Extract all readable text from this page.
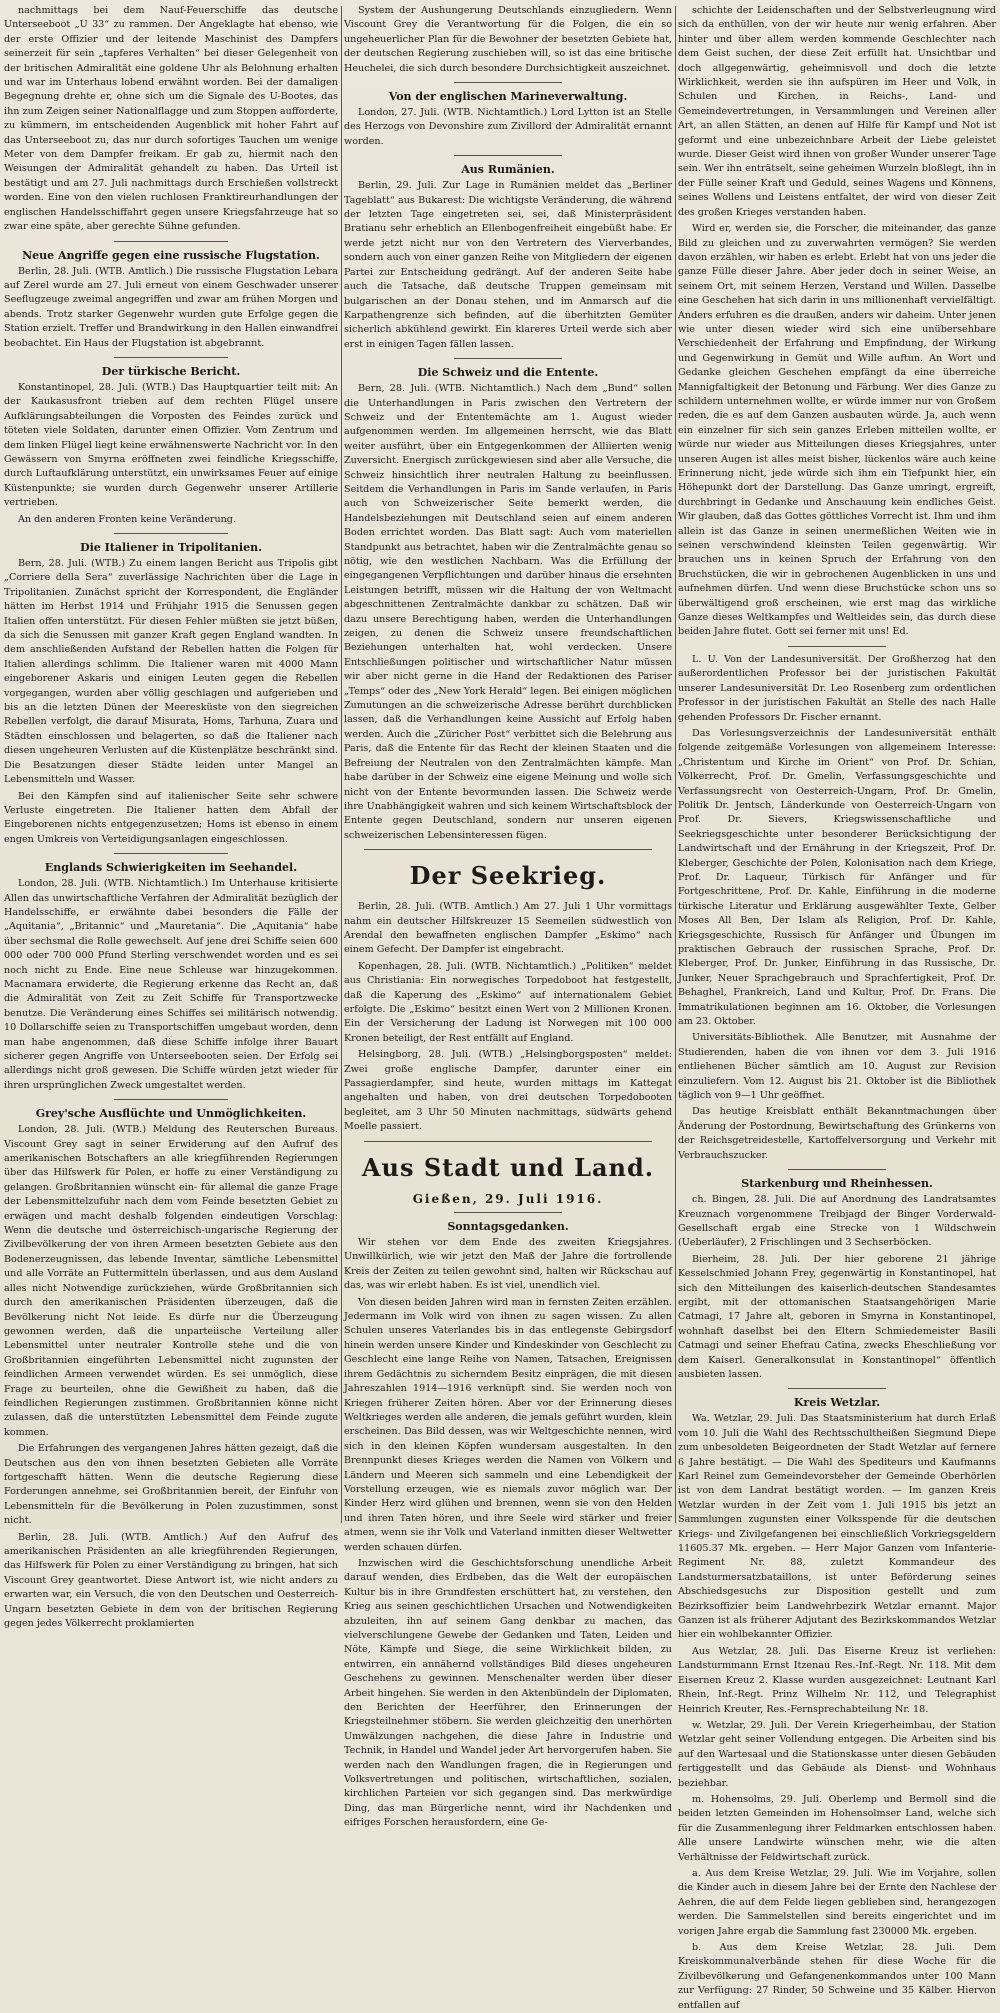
nachmittags bei dem Nauf-Feuerschiffe das deutsche Unterseeboot „U 33“ zu rammen. Der Angeklagte hat ebenso, wie der erste Offizier und der leitende Maschinist des Dampfers seinerzeit für sein „tapferes Verhalten“ bei dieser Gelegenheit von der britischen Admiralität eine goldene Uhr als Belohnung erhalten und war im Unterhaus lobend erwähnt worden. Bei der damaligen Begegnung drehte er, ohne sich um die Signale des U-Bootes, das ihn zum Zeigen seiner Nationalflagge und zum Stoppen aufforderte, zu kümmern, im entscheidenden Augenblick mit hoher Fahrt auf das Unterseeboot zu, das nur durch sofortiges Tauchen um wenige Meter von dem Dampfer freikam. Er gab zu, hiermit nach den Weisungen der Admiralität gehandelt zu haben. Das Urteil ist bestätigt und am 27. Juli nachmittags durch Erschießen vollstreckt worden. Eine von den vielen ruchlosen Franktireurhandlungen der englischen Handelsschiffahrt gegen unsere Kriegsfahrzeuge hat so zwar eine späte, aber gerechte Sühne gefunden.

Neue Angriffe gegen eine russische Flugstation.

Berlin, 28. Juli. (WTB. Amtlich.) Die russische Flugstation Lebara auf Zerel wurde am 27. Juli erneut von einem Geschwader unserer Seeflugzeuge zweimal angegriffen und zwar am frühen Morgen und abends. Trotz starker Gegenwehr wurden gute Erfolge gegen die Station erzielt. Treffer und Brandwirkung in den Hallen einwandfrei beobachtet. Ein Haus der Flugstation ist abgebrannt.

Der türkische Bericht.

Konstantinopel, 28. Juli. (WTB.) Das Hauptquartier teilt mit: An der Kaukasusfront trieben auf dem rechten Flügel unsere Aufklärungsabteilungen die Vorposten des Feindes zurück und töteten viele Soldaten, darunter einen Offizier. Vom Zentrum und dem linken Flügel liegt keine erwähnenswerte Nachricht vor. In den Gewässern von Smyrna eröffneten zwei feindliche Kriegsschiffe, durch Luftaufklärung unterstützt, ein unwirksames Feuer auf einige Küstenpunkte; sie wurden durch Gegenwehr unserer Artillerie vertrieben.

An den anderen Fronten keine Veränderung.

Die Italiener in Tripolitanien.

Bern, 28. Juli. (WTB.) Zu einem langen Bericht aus Tripolis gibt „Corriere della Sera“ zuverlässige Nachrichten über die Lage in Tripolitanien. Zunächst spricht der Korrespondent, die Engländer hätten im Herbst 1914 und Frühjahr 1915 die Senussen gegen Italien offen unterstützt. Für diesen Fehler müßten sie jetzt büßen, da sich die Senussen mit ganzer Kraft gegen England wandten. In dem anschließenden Aufstand der Rebellen hatten die Folgen für Italien allerdings schlimm. Die Italiener waren mit 4000 Mann eingeborener Askaris und einigen Leuten gegen die Rebellen vorgegangen, wurden aber völlig geschlagen und aufgerieben und bis an die letzten Dünen der Meeresküste von den siegreichen Rebellen verfolgt, die darauf Misurata, Homs, Tarhuna, Zuara und Städten einschlossen und belagerten, so daß die Italiener nach diesen ungeheuren Verlusten auf die Küstenplätze beschränkt sind. Die Besatzungen dieser Städte leiden unter Mangel an Lebensmitteln und Wasser.

Bei den Kämpfen sind auf italienischer Seite sehr schwere Verluste eingetreten. Die Italiener hatten dem Abfall der Eingeborenen nichts entgegenzusetzen; Homs ist ebenso in einem engen Umkreis von Verteidigungsanlagen eingeschlossen.

Englands Schwierigkeiten im Seehandel.

London, 28. Juli. (WTB. Nichtamtlich.) Im Unterhause kritisierte Allen das unwirtschaftliche Verfahren der Admiralität bezüglich der Handelsschiffe, er erwähnte dabei besonders die Fälle der „Aquitania“, „Britannic“ und „Mauretania“. Die „Aquitania“ habe über sechsmal die Rolle gewechselt. Auf jene drei Schiffe seien 600 000 oder 700 000 Pfund Sterling verschwendet worden und es sei noch nicht zu Ende. Eine neue Schleuse war hinzugekommen. Macnamara erwiderte, die Regierung erkenne das Recht an, daß die Admiralität von Zeit zu Zeit Schiffe für Transportzwecke benutze. Die Veränderung eines Schiffes sei militärisch notwendig. 10 Dollarschiffe seien zu Transportschiffen umgebaut worden, denn man habe angenommen, daß diese Schiffe infolge ihrer Bauart sicherer gegen Angriffe von Unterseebooten seien. Der Erfolg sei allerdings nicht groß gewesen. Die Schiffe würden jetzt wieder für ihren ursprünglichen Zweck umgestaltet werden.

Grey'sche Ausflüchte und Unmöglichkeiten.

London, 28. Juli. (WTB.) Meldung des Reuterschen Bureaus. Viscount Grey sagt in seiner Erwiderung auf den Aufruf des amerikanischen Botschafters an alle kriegführenden Regierungen über das Hilfswerk für Polen, er hoffe zu einer Verständigung zu gelangen. Großbritannien wünscht ein- für allemal die ganze Frage der Lebensmittelzufuhr nach dem vom Feinde besetzten Gebiet zu erwägen und macht deshalb folgenden eindeutigen Vorschlag: Wenn die deutsche und österreichisch-ungarische Regierung der Zivilbevölkerung der von ihren Armeen besetzten Gebiete aus den Bodenerzeugnissen, das lebende Inventar, sämtliche Lebensmittel und alle Vorräte an Futtermitteln überlassen, und aus dem Ausland alles nicht Notwendige zurückziehen, würde Großbritannien sich durch den amerikanischen Präsidenten überzeugen, daß die Bevölkerung nicht Not leide. Es dürfe nur die Überzeugung gewonnen werden, daß die unparteiische Verteilung aller Lebensmittel unter neutraler Kontrolle stehe und die von Großbritannien eingeführten Lebensmittel nicht zugunsten der feindlichen Armeen verwendet würden. Es sei unmöglich, diese Frage zu beurteilen, ohne die Gewißheit zu haben, daß die feindlichen Regierungen zustimmen. Großbritannien könne nicht zulassen, daß die unterstützten Lebensmittel dem Feinde zugute kommen.

Die Erfahrungen des vergangenen Jahres hätten gezeigt, daß die Deutschen aus den von ihnen besetzten Gebieten alle Vorräte fortgeschafft hätten. Wenn die deutsche Regierung diese Forderungen annehme, sei Großbritannien bereit, der Einfuhr von Lebensmitteln für die Bevölkerung in Polen zuzustimmen, sonst nicht.

Berlin, 28. Juli. (WTB. Amtlich.) Auf den Aufruf des amerikanischen Präsidenten an alle kriegführenden Regierungen, das Hilfswerk für Polen zu einer Verständigung zu bringen, hat sich Viscount Grey geantwortet. Diese Antwort ist, wie nicht anders zu erwarten war, ein Versuch, die von den Deutschen und Oesterreich-Ungarn besetzten Gebiete in dem von der britischen Regierung gegen jedes Völkerrecht proklamierten

System der Aushungerung Deutschlands einzugliedern. Wenn Viscount Grey die Verantwortung für die Folgen, die ein so ungeheuerlicher Plan für die Bewohner der besetzten Gebiete hat, der deutschen Regierung zuschieben will, so ist das eine britische Heuchelei, die sich durch besondere Durchsichtigkeit auszeichnet.

Von der englischen Marineverwaltung.

London, 27. Juli. (WTB. Nichtamtlich.) Lord Lytton ist an Stelle des Herzogs von Devonshire zum Zivillord der Admiralität ernannt worden.

Aus Rumänien.

Berlin, 29. Juli. Zur Lage in Rumänien meldet das „Berliner Tageblatt“ aus Bukarest: Die wichtigste Veränderung, die während der letzten Tage eingetreten sei, sei, daß Ministerpräsident Bratianu sehr erheblich an Ellenbogenfreiheit eingebüßt habe. Er werde jetzt nicht nur von den Vertretern des Vierverbandes, sondern auch von einer ganzen Reihe von Mitgliedern der eigenen Partei zur Entscheidung gedrängt. Auf der anderen Seite habe auch die Tatsache, daß deutsche Truppen gemeinsam mit bulgarischen an der Donau stehen, und im Anmarsch auf die Karpathengrenze sich befinden, auf die überhitzten Gemüter sicherlich abkühlend gewirkt. Ein klareres Urteil werde sich aber erst in einigen Tagen fällen lassen.

Die Schweiz und die Entente.

Bern, 28. Juli. (WTB. Nichtamtlich.) Nach dem „Bund“ sollen die Unterhandlungen in Paris zwischen den Vertretern der Schweiz und der Ententemächte am 1. August wieder aufgenommen werden. Im allgemeinen herrscht, wie das Blatt weiter ausführt, über ein Entgegenkommen der Alliierten wenig Zuversicht. Energisch zurückgewiesen sind aber alle Versuche, die Schweiz hinsichtlich ihrer neutralen Haltung zu beeinflussen. Seitdem die Verhandlungen in Paris im Sande verlaufen, in Paris auch von Schweizerischer Seite bemerkt werden, die Handelsbeziehungen mit Deutschland seien auf einem anderen Boden errichtet worden. Das Blatt sagt: Auch vom materiellen Standpunkt aus betrachtet, haben wir die Zentralmächte genau so nötig, wie den westlichen Nachbarn. Was die Erfüllung der eingegangenen Verpflichtungen und darüber hinaus die ersehnten Leistungen betrifft, müssen wir die Haltung der von Weltmacht abgeschnittenen Zentralmächte dankbar zu schätzen. Daß wir dazu unsere Berechtigung haben, werden die Unterhandlungen zeigen, zu denen die Schweiz unsere freundschaftlichen Beziehungen unterhalten hat, wohl verdecken. Unsere Entschließungen politischer und wirtschaftlicher Natur müssen wir aber nicht gerne in die Hand der Redaktionen des Pariser „Temps“ oder des „New York Herald“ legen. Bei einigen möglichen Zumutungen an die schweizerische Adresse berührt durchblicken lassen, daß die Verhandlungen keine Aussicht auf Erfolg haben werden. Auch die „Züricher Post“ verbittet sich die Belehrung aus Paris, daß die Entente für das Recht der kleinen Staaten und die Befreiung der Neutralen von den Zentralmächten kämpfe. Man habe darüber in der Schweiz eine eigene Meinung und wolle sich nicht von der Entente bevormunden lassen. Die Schweiz werde ihre Unabhängigkeit wahren und sich keinem Wirtschaftsblock der Entente gegen Deutschland, sondern nur unseren eigenen schweizerischen Lebensinteressen fügen.

Der Seekrieg.

Berlin, 28. Juli. (WTB. Amtlich.) Am 27. Juli 1 Uhr vormittags nahm ein deutscher Hilfskreuzer 15 Seemeilen südwestlich von Arendal den bewaffneten englischen Dampfer „Eskimo“ nach einem Gefecht. Der Dampfer ist eingebracht.

Kopenhagen, 28. Juli. (WTB. Nichtamtlich.) „Politiken“ meldet aus Christiania: Ein norwegisches Torpedoboot hat festgestellt, daß die Kaperung des „Eskimo“ auf internationalem Gebiet erfolgte. Die „Eskimo“ besitzt einen Wert von 2 Millionen Kronen. Ein der Versicherung der Ladung ist Norwegen mit 100 000 Kronen beteiligt, der Rest entfällt auf England.

Helsingborg, 28. Juli. (WTB.) „Helsingborgsposten“ meldet: Zwei große englische Dampfer, darunter einer ein Passagierdampfer, sind heute, wurden mittags im Kattegat angehalten und haben, von drei deutschen Torpedobooten begleitet, am 3 Uhr 50 Minuten nachmittags, südwärts gehend Moelle passiert.

Aus Stadt und Land.

Gießen, 29. Juli 1916.

Sonntagsgedanken.

Wir stehen vor dem Ende des zweiten Kriegsjahres. Unwillkürlich, wie wir jetzt den Maß der Jahre die fortrollende Kreis der Zeiten zu teilen gewohnt sind, halten wir Rückschau auf das, was wir erlebt haben. Es ist viel, unendlich viel.

Von diesen beiden Jahren wird man in fernsten Zeiten erzählen. Jedermann im Volk wird von ihnen zu sagen wissen. Zu allen Schulen unseres Vaterlandes bis in das entlegenste Gebirgsdorf hinein werden unsere Kinder und Kindeskinder von Geschlecht zu Geschlecht eine lange Reihe von Namen, Tatsachen, Ereignissen ihrem Gedächtnis zu sicherndem Besitz einprägen, die mit diesen Jahreszahlen 1914—1916 verknüpft sind. Sie werden noch von Kriegen früherer Zeiten hören. Aber vor der Erinnerung dieses Weltkrieges werden alle anderen, die jemals geführt wurden, klein erscheinen. Das Bild dessen, was wir Weltgeschichte nennen, wird sich in den kleinen Köpfen wundersam ausgestalten. In den Brennpunkt dieses Krieges werden die Namen von Völkern und Ländern und Meeren sich sammeln und eine Lebendigkeit der Vorstellung erzeugen, wie es niemals zuvor möglich war. Der Kinder Herz wird glühen und brennen, wenn sie von den Helden und ihren Taten hören, und ihre Seele wird stärker und freier atmen, wenn sie ihr Volk und Vaterland inmitten dieser Weltwetter werden schauen dürfen.

Inzwischen wird die Geschichtsforschung unendliche Arbeit darauf wenden, dies Erdbeben, das die Welt der europäischen Kultur bis in ihre Grundfesten erschüttert hat, zu verstehen, den Krieg aus seinen geschichtlichen Ursachen und Notwendigkeiten abzuleiten, ihn auf seinem Gang denkbar zu machen, das vielverschlungene Gewebe der Gedanken und Taten, Leiden und Nöte, Kämpfe und Siege, die seine Wirklichkeit bilden, zu entwirren, ein annähernd vollständiges Bild dieses ungeheuren Geschehens zu gewinnen. Menschenalter werden über dieser Arbeit hingehen. Sie werden in den Aktenbündeln der Diplomaten, den Berichten der Heerführer, den Erinnerungen der Kriegsteilnehmer stöbern. Sie werden gleichzeitig den unerhörten Umwälzungen nachgehen, die diese Jahre in Industrie und Technik, in Handel und Wandel jeder Art hervorgerufen haben. Sie werden nach den Wandlungen fragen, die in Regierungen und Volksvertretungen und politischen, wirtschaftlichen, sozialen, kirchlichen Parteien vor sich gegangen sind. Das merkwürdige Ding, das man Bürgerliche nennt, wird ihr Nachdenken und eifriges Forschen herausfordern, eine Ge-

schichte der Leidenschaften und der Selbstverleugnung wird sich da enthüllen, von der wir heute nur wenig erfahren. Aber hinter und über allem werden kommende Geschlechter nach dem Geist suchen, der diese Zeit erfüllt hat. Unsichtbar und doch allgegenwärtig, geheimnisvoll und doch die letzte Wirklichkeit, werden sie ihn aufspüren im Heer und Volk, in Schulen und Kirchen, in Reichs-, Land- und Gemeindevertretungen, in Versammlungen und Vereinen aller Art, an allen Stätten, an denen auf Hilfe für Kampf und Not ist geformt und eine unbezeichnbare Arbeit der Liebe geleistet wurde. Dieser Geist wird ihnen von großer Wunder unserer Tage sein. Wer ihn enträtselt, seine geheimen Wurzeln bloßlegt, ihn in der Fülle seiner Kraft und Geduld, seines Wagens und Könnens, seines Wollens und Leistens entfaltet, der wird von dieser Zeit des großen Krieges verstanden haben.

Wird er, werden sie, die Forscher, die miteinander, das ganze Bild zu gleichen und zu zuverwahrten vermögen? Sie werden davon erzählen, wir haben es erlebt. Erlebt hat von uns jeder die ganze Fülle dieser Jahre. Aber jeder doch in seiner Weise, an seinem Ort, mit seinem Herzen, Verstand und Willen. Dasselbe eine Geschehen hat sich darin in uns millionenhaft vervielfältigt. Anders erfuhren es die draußen, anders wir daheim. Unter jenen wie unter diesen wieder wird sich eine unübersehbare Verschiedenheit der Erfahrung und Empfindung, der Wirkung und Gegenwirkung in Gemüt und Wille auftun. An Wort und Gedanke gleichen Geschehen empfängt da eine überreiche Mannigfaltigkeit der Betonung und Färbung. Wer dies Ganze zu schildern unternehmen wollte, er würde immer nur von Großem reden, die es auf dem Ganzen ausbauten würde. Ja, auch wenn ein einzelner für sich sein ganzes Erleben mitteilen wollte, er würde nur wieder aus Mitteilungen dieses Kriegsjahres, unter unseren Augen ist alles meist bisher, lückenlos wäre auch keine Erinnerung nicht, jede würde sich ihm ein Tiefpunkt hier, ein Höhepunkt dort der Darstellung. Das Ganze umringt, ergreift, durchbringt in Gedanke und Anschauung kein endliches Geist. Wir glauben, daß das Gottes göttliches Vorrecht ist. Ihm und ihm allein ist das Ganze in seinen unermeßlichen Weiten wie in seinen verschwindend kleinsten Teilen gegenwärtig. Wir brauchen uns in keinen Spruch der Erfahrung von den Bruchstücken, die wir in gebrochenen Augenblicken in uns und aufnehmen dürfen. Und wenn diese Bruchstücke schon uns so überwältigend groß erscheinen, wie erst mag das wirkliche Ganze dieses Weltkampfes und Weltleides sein, das durch diese beiden Jahre flutet. Gott sei ferner mit uns! Ed.

L. U. Von der Landesuniversität. Der Großherzog hat den außerordentlichen Professor bei der juristischen Fakultät unserer Landesuniversität Dr. Leo Rosenberg zum ordentlichen Professor in der juristischen Fakultät an Stelle des nach Halle gehenden Professors Dr. Fischer ernannt.

Das Vorlesungsverzeichnis der Landesuniversität enthält folgende zeitgemäße Vorlesungen von allgemeinem Interesse: „Christentum und Kirche im Orient“ von Prof. Dr. Schian, Völkerrecht, Prof. Dr. Gmelin, Verfassungsgeschichte und Verfassungsrecht von Oesterreich-Ungarn, Prof. Dr. Gmelin, Politik Dr. Jentsch, Länderkunde von Oesterreich-Ungarn von Prof. Dr. Sievers, Kriegswissenschaftliche und Seekriegsgeschichte unter besonderer Berücksichtigung der Landwirtschaft und der Ernährung in der Kriegszeit, Prof. Dr. Kleberger, Geschichte der Polen, Kolonisation nach dem Kriege, Prof. Dr. Laqueur, Türkisch für Anfänger und für Fortgeschrittene, Prof. Dr. Kahle, Einführung in die moderne türkische Literatur und Erklärung ausgewählter Texte, Gelber Moses All Ben, Der Islam als Religion, Prof. Dr. Kahle, Kriegsgeschichte, Russisch für Anfänger und Übungen im praktischen Gebrauch der russischen Sprache, Prof. Dr. Kleberger, Prof. Dr. Junker, Einführung in das Russische, Dr. Junker, Neuer Sprachgebrauch und Sprachfertigkeit, Prof. Dr. Behaghel, Frankreich, Land und Kultur, Prof. Dr. Frans. Die Immatrikulationen beginnen am 16. Oktober, die Vorlesungen am 23. Oktober.

Universitäts-Bibliothek. Alle Benutzer, mit Ausnahme der Studierenden, haben die von ihnen vor dem 3. Juli 1916 entliehenen Bücher sämtlich am 10. August zur Revision einzuliefern. Vom 12. August bis 21. Oktober ist die Bibliothek täglich von 9—1 Uhr geöffnet.

Das heutige Kreisblatt enthält Bekanntmachungen über Änderung der Postordnung, Bewirtschaftung des Grünkerns von der Reichsgetreidestelle, Kartoffelversorgung und Verkehr mit Verbrauchszucker.

Starkenburg und Rheinhessen.

ch. Bingen, 28. Juli. Die auf Anordnung des Landratsamtes Kreuznach vorgenommene Treibjagd der Binger Vorderwald-Gesellschaft ergab eine Strecke von 1 Wildschwein (Ueberläufer), 2 Frischlingen und 3 Sechserböcken.

Bierheim, 28. Juli. Der hier geborene 21 jährige Kesselschmied Johann Frey, gegenwärtig in Konstantinopel, hat sich den Mitteilungen des kaiserlich-deutschen Standesamtes ergibt, mit der ottomanischen Staatsangehörigen Marie Catmagi, 17 Jahre alt, geboren in Smyrna in Konstantinopel, wohnhaft daselbst bei den Eltern Schmiedemeister Basili Catmagi und seiner Ehefrau Catina, zwecks Eheschließung vor dem Kaiserl. Generalkonsulat in Konstantinopel“ öffentlich ausbieten lassen.

Kreis Wetzlar.

Wa. Wetzlar, 29. Juli. Das Staatsministerium hat durch Erlaß vom 10. Juli die Wahl des Rechtsschultheißen Siegmund Diepe zum unbesoldeten Beigeordneten der Stadt Wetzlar auf fernere 6 Jahre bestätigt. — Die Wahl des Spediteurs und Kaufmanns Karl Reinel zum Gemeindevorsteher der Gemeinde Oberhörlen ist von dem Landrat bestätigt worden. — Im ganzen Kreis Wetzlar wurden in der Zeit vom 1. Juli 1915 bis jetzt an Sammlungen zugunsten einer Volksspende für die deutschen Kriegs- und Zivilgefangenen bei einschließlich Vorkriegsgeldern 11605.37 Mk. ergeben. — Herr Major Ganzen vom Infanterie-Regiment Nr. 88, zuletzt Kommandeur des Landsturmersatzbataillons, ist unter Beförderung seines Abschiedsgesuchs zur Disposition gestellt und zum Bezirksoffizier beim Landwehrbezirk Wetzlar ernannt. Major Ganzen ist als früherer Adjutant des Bezirkskommandos Wetzlar hier ein wohlbekannter Offizier.

Aus Wetzlar, 28. Juli. Das Eiserne Kreuz ist verliehen: Landsturmmann Ernst Itzenau Res.-Inf.-Regt. Nr. 118. Mit dem Eisernen Kreuz 2. Klasse wurden ausgezeichnet: Leutnant Karl Rhein, Inf.-Regt. Prinz Wilhelm Nr. 112, und Telegraphist Heinrich Kreuter, Res.-Fernsprechabteilung Nr. 18.

w. Wetzlar, 29. Juli. Der Verein Kriegerheimbau, der Station Wetzlar geht seiner Vollendung entgegen. Die Arbeiten sind bis auf den Wartesaal und die Stationskasse unter diesen Gebäuden fertiggestellt und das Gebäude als Dienst- und Wohnhaus beziehbar.

m. Hohensolms, 29. Juli. Oberlemp und Bermoll sind die beiden letzten Gemeinden im Hohensolmser Land, welche sich für die Zusammenlegung ihrer Feldmarken entschlossen haben. Alle unsere Landwirte wünschen mehr, wie die alten Verhältnisse der Feldwirtschaft zurück.

a. Aus dem Kreise Wetzlar, 29. Juli. Wie im Vorjahre, sollen die Kinder auch in diesem Jahre bei der Ernte den Nachlese der Aehren, die auf dem Felde liegen geblieben sind, herangezogen werden. Die Sammelstellen sind bereits eingerichtet und im vorigen Jahre ergab die Sammlung fast 230000 Mk. ergeben.

b. Aus dem Kreise Wetzlar, 28. Juli. Dem Kreiskommunalverbände stehen für diese Woche für die Zivilbevölkerung und Gefangenenkommandos unter 100 Mann zur Verfügung: 27 Rinder, 50 Schweine und 35 Kälber. Hiervon entfallen auf
